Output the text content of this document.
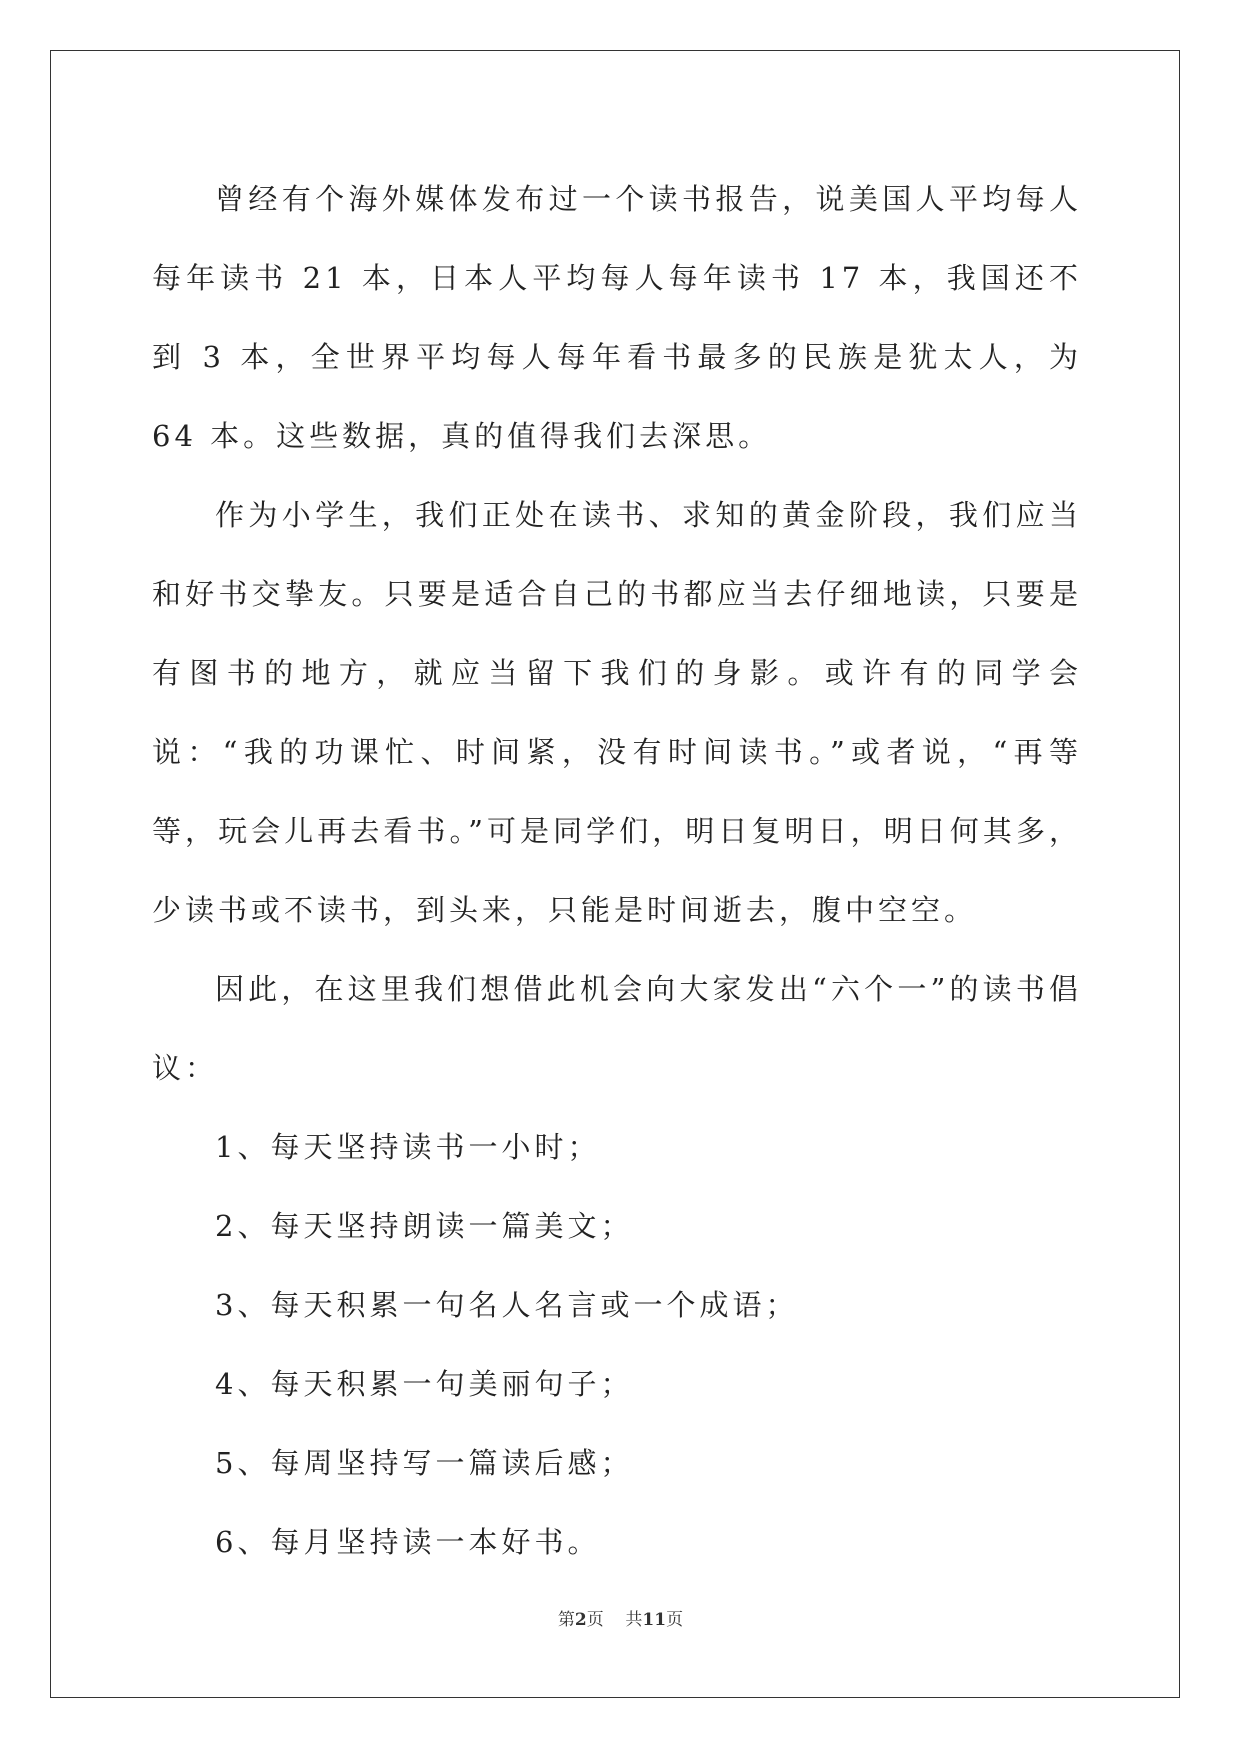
曾经有个海外媒体发布过一个读书报告，说美国人平均每人每年读书 21 本，日本人平均每人每年读书 17 本，我国还不到 3 本，全世界平均每人每年看书最多的民族是犹太人，为 64 本。这些数据，真的值得我们去深思。

作为小学生，我们正处在读书、求知的黄金阶段，我们应当和好书交挚友。只要是适合自己的书都应当去仔细地读，只要是有图书的地方，就应当留下我们的身影。或许有的同学会说：“我的功课忙、时间紧，没有时间读书。”或者说，“再等等，玩会儿再去看书。”可是同学们，明日复明日，明日何其多，少读书或不读书，到头来，只能是时间逝去，腹中空空。

因此，在这里我们想借此机会向大家发出“六个一”的读书倡议：

1、每天坚持读书一小时；

2、每天坚持朗读一篇美文；

3、每天积累一句名人名言或一个成语；

4、每天积累一句美丽句子；

5、每周坚持写一篇读后感；

6、每月坚持读一本好书。

第2页 共11页
